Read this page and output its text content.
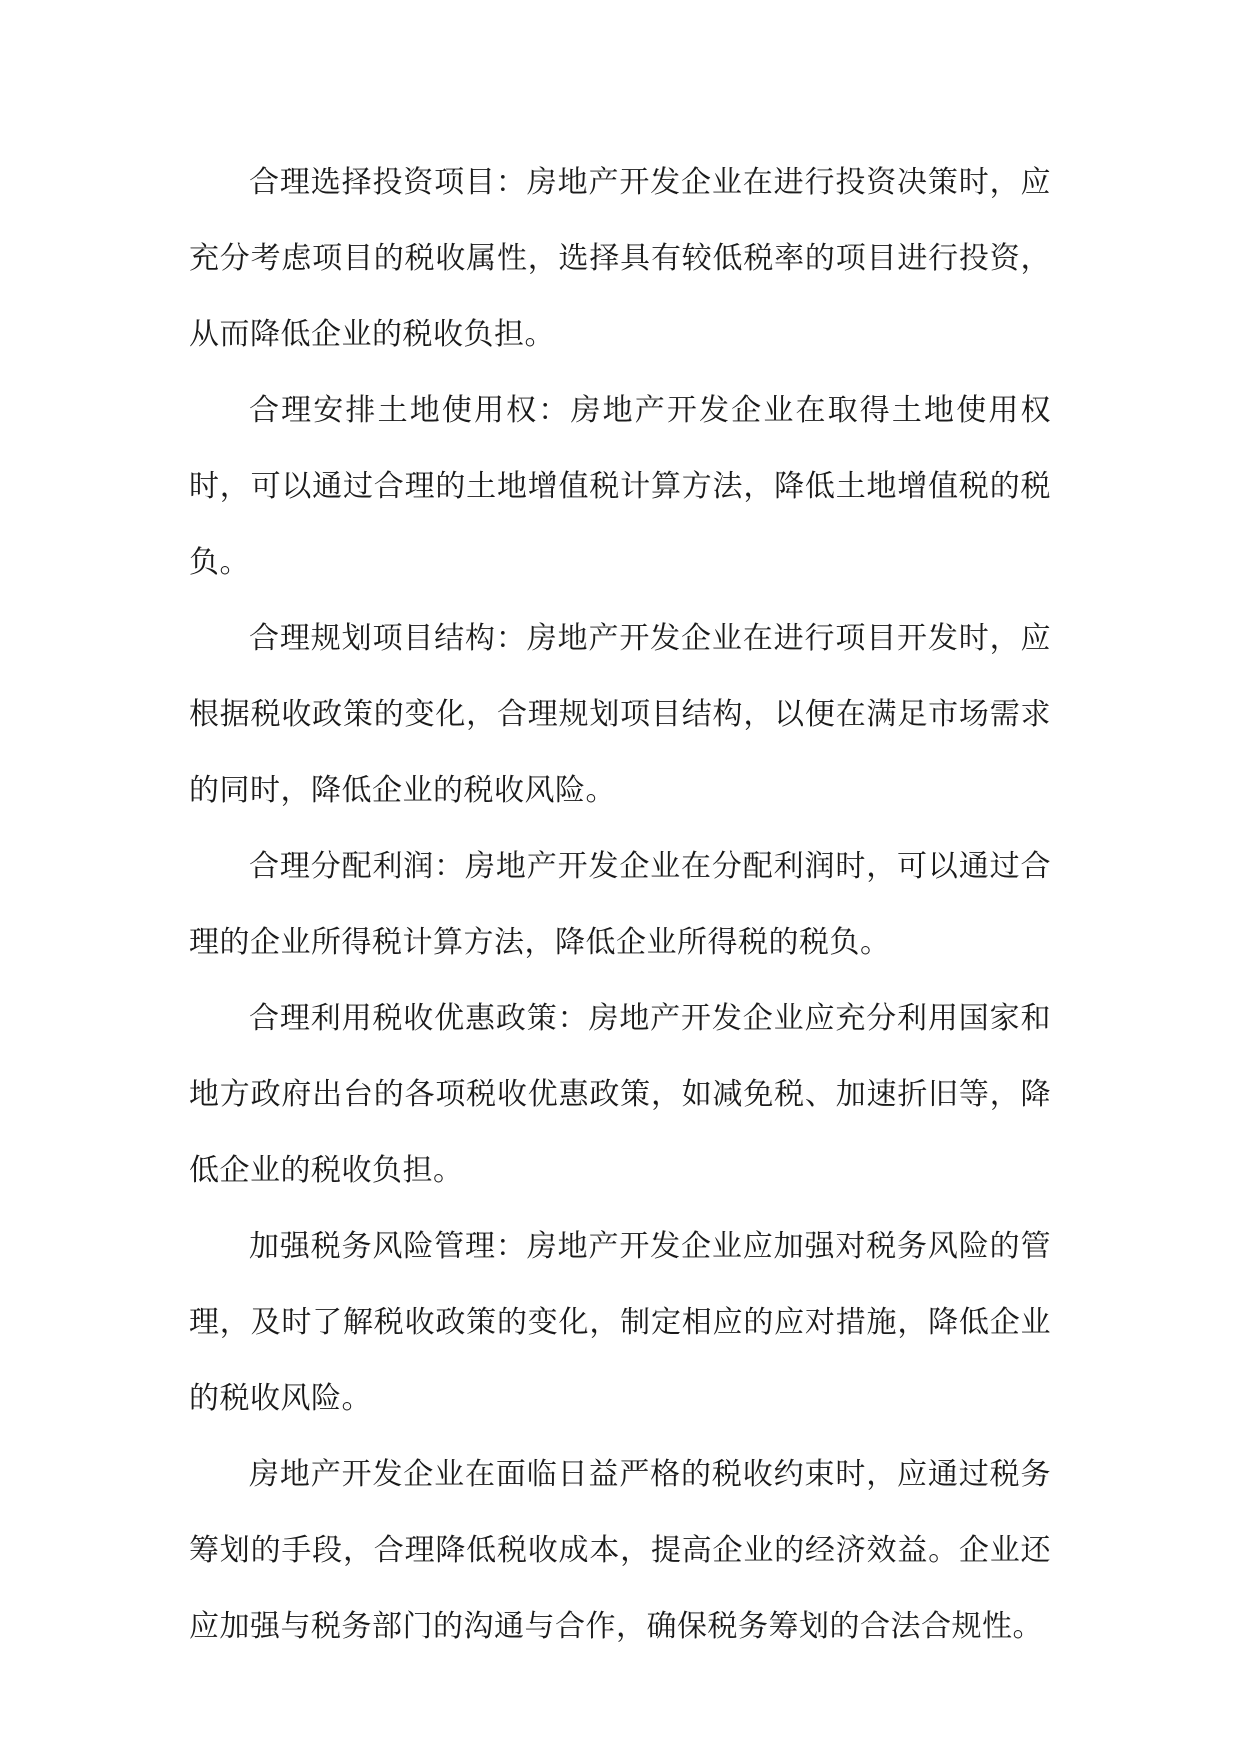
合理选择投资项目：房地产开发企业在进行投资决策时，应充分考虑项目的税收属性，选择具有较低税率的项目进行投资，从而降低企业的税收负担。

合理安排土地使用权：房地产开发企业在取得土地使用权时，可以通过合理的土地增值税计算方法，降低土地增值税的税负。

合理规划项目结构：房地产开发企业在进行项目开发时，应根据税收政策的变化，合理规划项目结构，以便在满足市场需求的同时，降低企业的税收风险。

合理分配利润：房地产开发企业在分配利润时，可以通过合理的企业所得税计算方法，降低企业所得税的税负。

合理利用税收优惠政策：房地产开发企业应充分利用国家和地方政府出台的各项税收优惠政策，如减免税、加速折旧等，降低企业的税收负担。

加强税务风险管理：房地产开发企业应加强对税务风险的管理，及时了解税收政策的变化，制定相应的应对措施，降低企业的税收风险。

房地产开发企业在面临日益严格的税收约束时，应通过税务筹划的手段，合理降低税收成本，提高企业的经济效益。企业还应加强与税务部门的沟通与合作，确保税务筹划的合法合规性。
